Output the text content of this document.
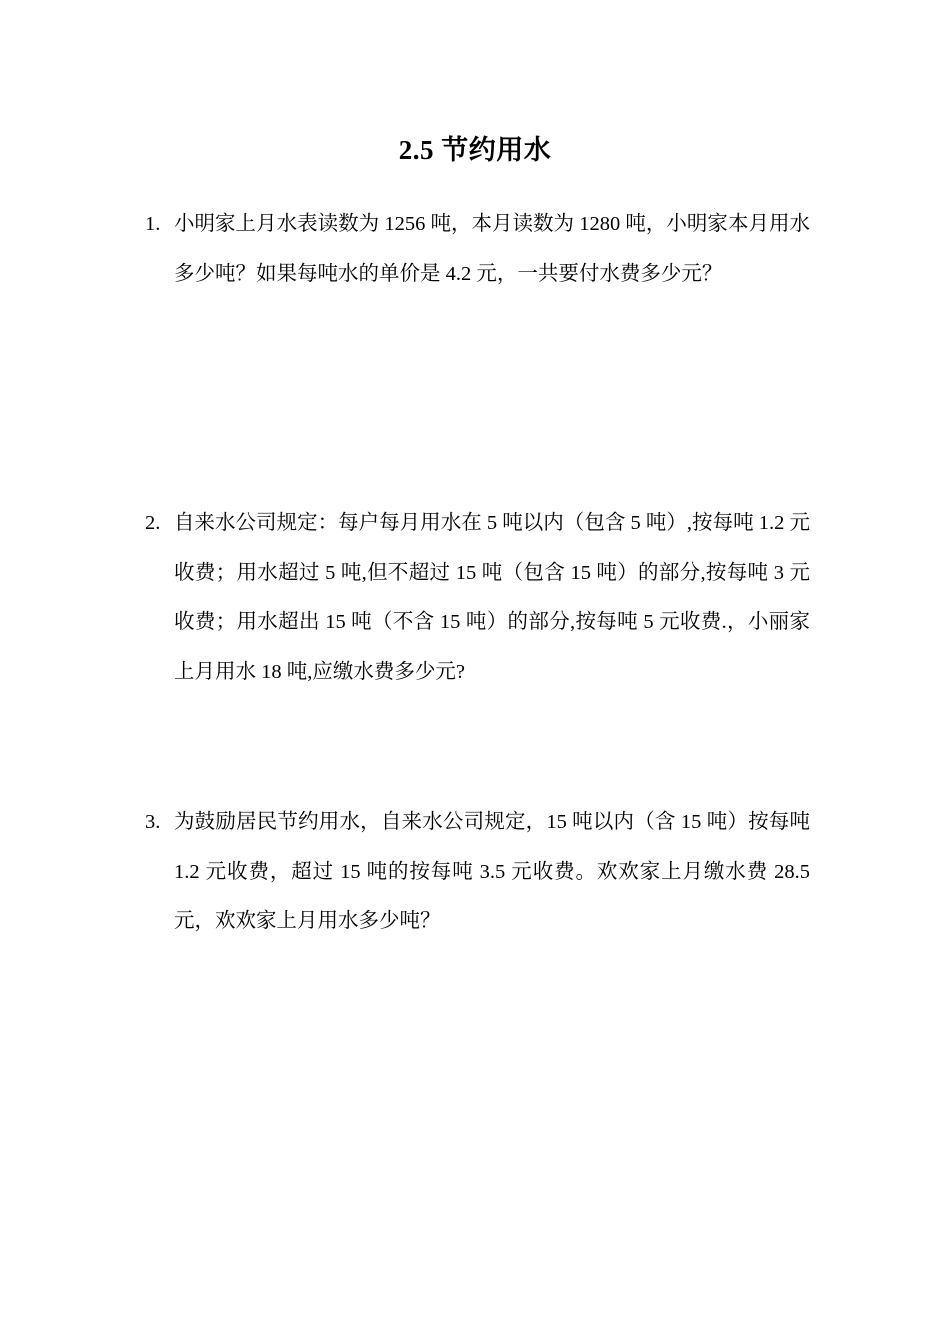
2.5 节约用水
1. 小明家上月水表读数为 1256 吨，本月读数为 1280 吨，小明家本月用水多少吨？如果每吨水的单价是 4.2 元，一共要付水费多少元？
2. 自来水公司规定：每户每月用水在 5 吨以内（包含 5 吨）,按每吨 1.2 元收费；用水超过 5 吨,但不超过 15 吨（包含 15 吨）的部分,按每吨 3 元收费；用水超出 15 吨（不含 15 吨）的部分,按每吨 5 元收费.，小丽家上月用水 18 吨,应缴水费多少元?
3. 为鼓励居民节约用水，自来水公司规定，15 吨以内（含 15 吨）按每吨 1.2 元收费，超过 15 吨的按每吨 3.5 元收费。欢欢家上月缴水费 28.5 元，欢欢家上月用水多少吨？
